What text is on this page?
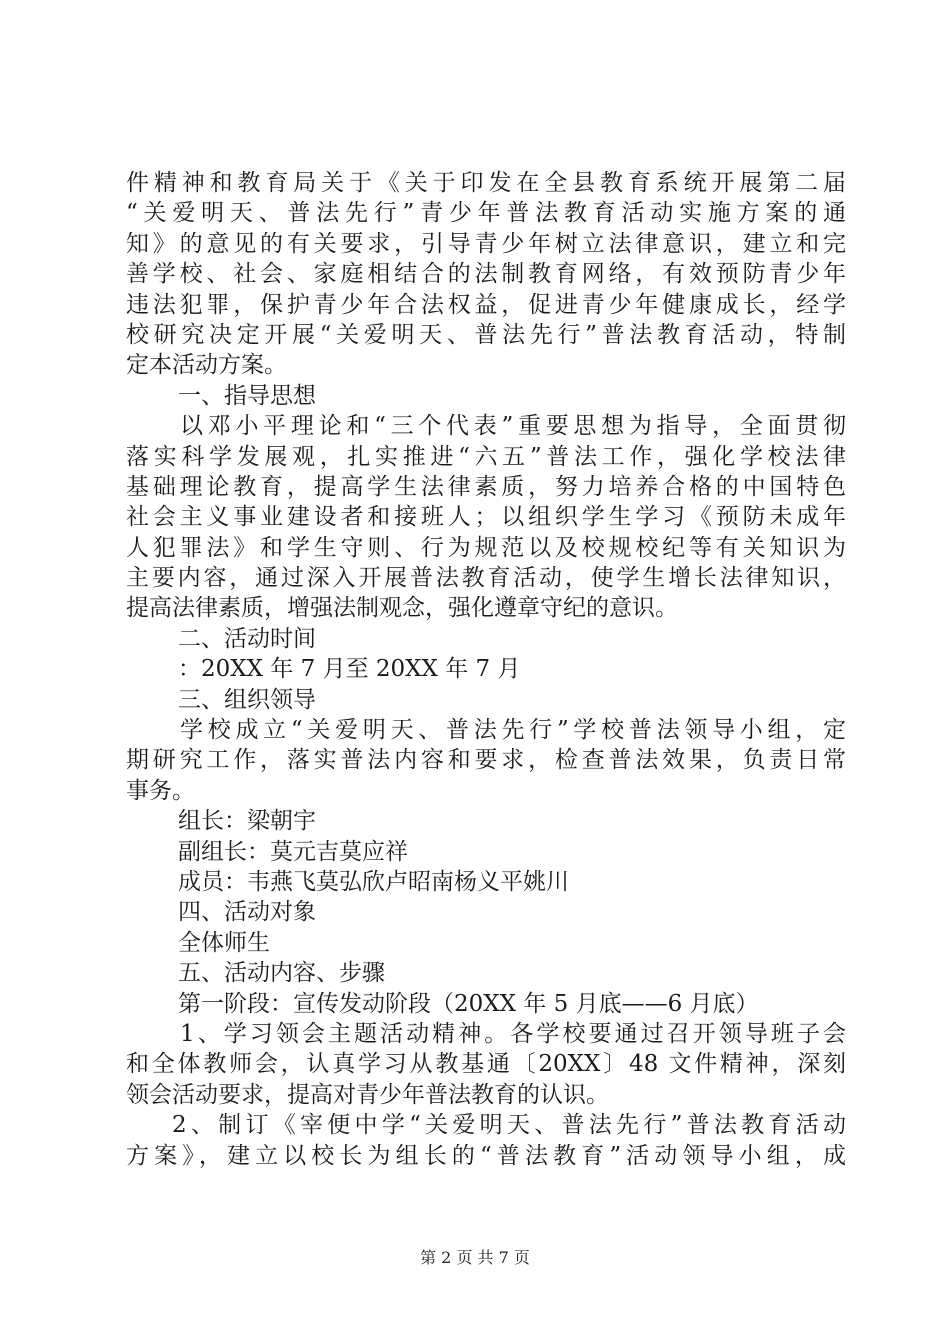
件精神和教育局关于《关于印发在全县教育系统开展第二届
“关爱明天、普法先行”青少年普法教育活动实施方案的通
知》的意见的有关要求，引导青少年树立法律意识，建立和完
善学校、社会、家庭相结合的法制教育网络，有效预防青少年
违法犯罪，保护青少年合法权益，促进青少年健康成长，经学
校研究决定开展“关爱明天、普法先行”普法教育活动，特制
定本活动方案。
一、指导思想
以邓小平理论和“三个代表”重要思想为指导，全面贯彻
落实科学发展观，扎实推进“六五”普法工作，强化学校法律
基础理论教育，提高学生法律素质，努力培养合格的中国特色
社会主义事业建设者和接班人；以组织学生学习《预防未成年
人犯罪法》和学生守则、行为规范以及校规校纪等有关知识为
主要内容，通过深入开展普法教育活动，使学生增长法律知识，
提高法律素质，增强法制观念，强化遵章守纪的意识。
二、活动时间
：20XX 年 7 月至 20XX 年 7 月
三、组织领导
学校成立“关爱明天、普法先行”学校普法领导小组，定
期研究工作，落实普法内容和要求，检查普法效果，负责日常
事务。
组长：梁朝宇
副组长：莫元吉莫应祥
成员：韦燕飞莫弘欣卢昭南杨义平姚川
四、活动对象
全体师生
五、活动内容、步骤
第一阶段：宣传发动阶段（20XX 年 5 月底——6 月底）
1、学习领会主题活动精神。各学校要通过召开领导班子会
和全体教师会，认真学习从教基通〔20XX〕48 文件精神，深刻
领会活动要求，提高对青少年普法教育的认识。
2、制订《宰便中学“关爱明天、普法先行”普法教育活动
方案》，建立以校长为组长的“普法教育”活动领导小组，成
第 2 页 共 7 页
